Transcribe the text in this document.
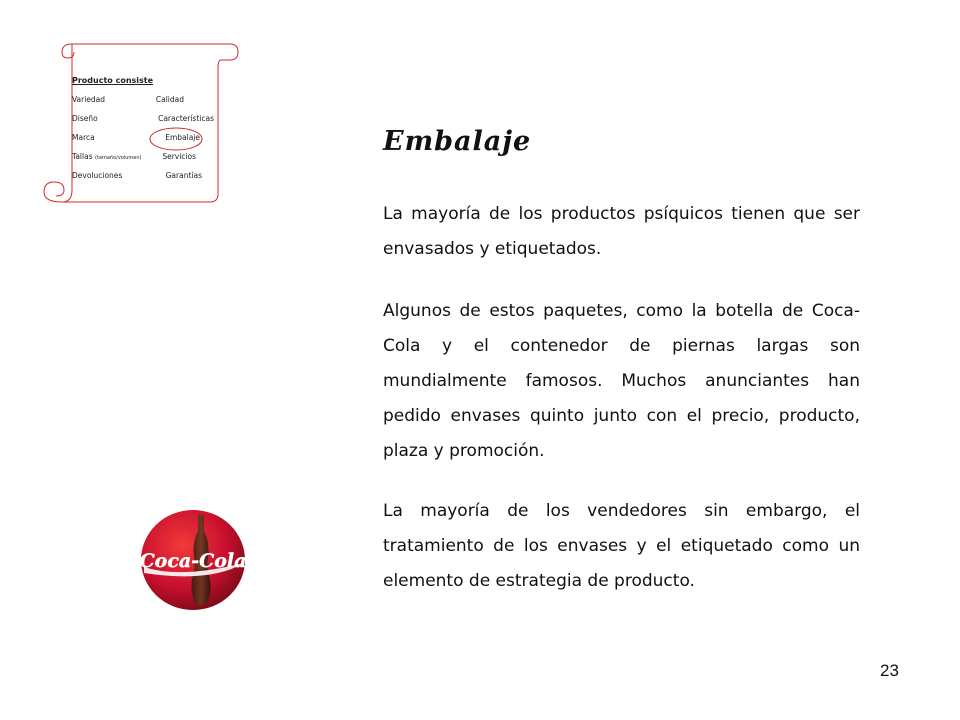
Producto consiste
Variedad	Calidad
Diseño	Características
Marca	Embalaje
Tallas (tamaño/volumen)	Servicios
Devoluciones	Garantías
Embalaje
La mayoría de los productos psíquicos tienen que ser envasados y etiquetados.
Algunos de estos paquetes, como la botella de Coca-Cola y el contenedor de piernas largas son mundialmente famosos. Muchos anunciantes han pedido envases quinto junto con el precio, producto, plaza y promoción.
La mayoría de los vendedores sin embargo, el tratamiento de los envases y el etiquetado como un elemento de estrategia de producto.
Coca-Cola
23
